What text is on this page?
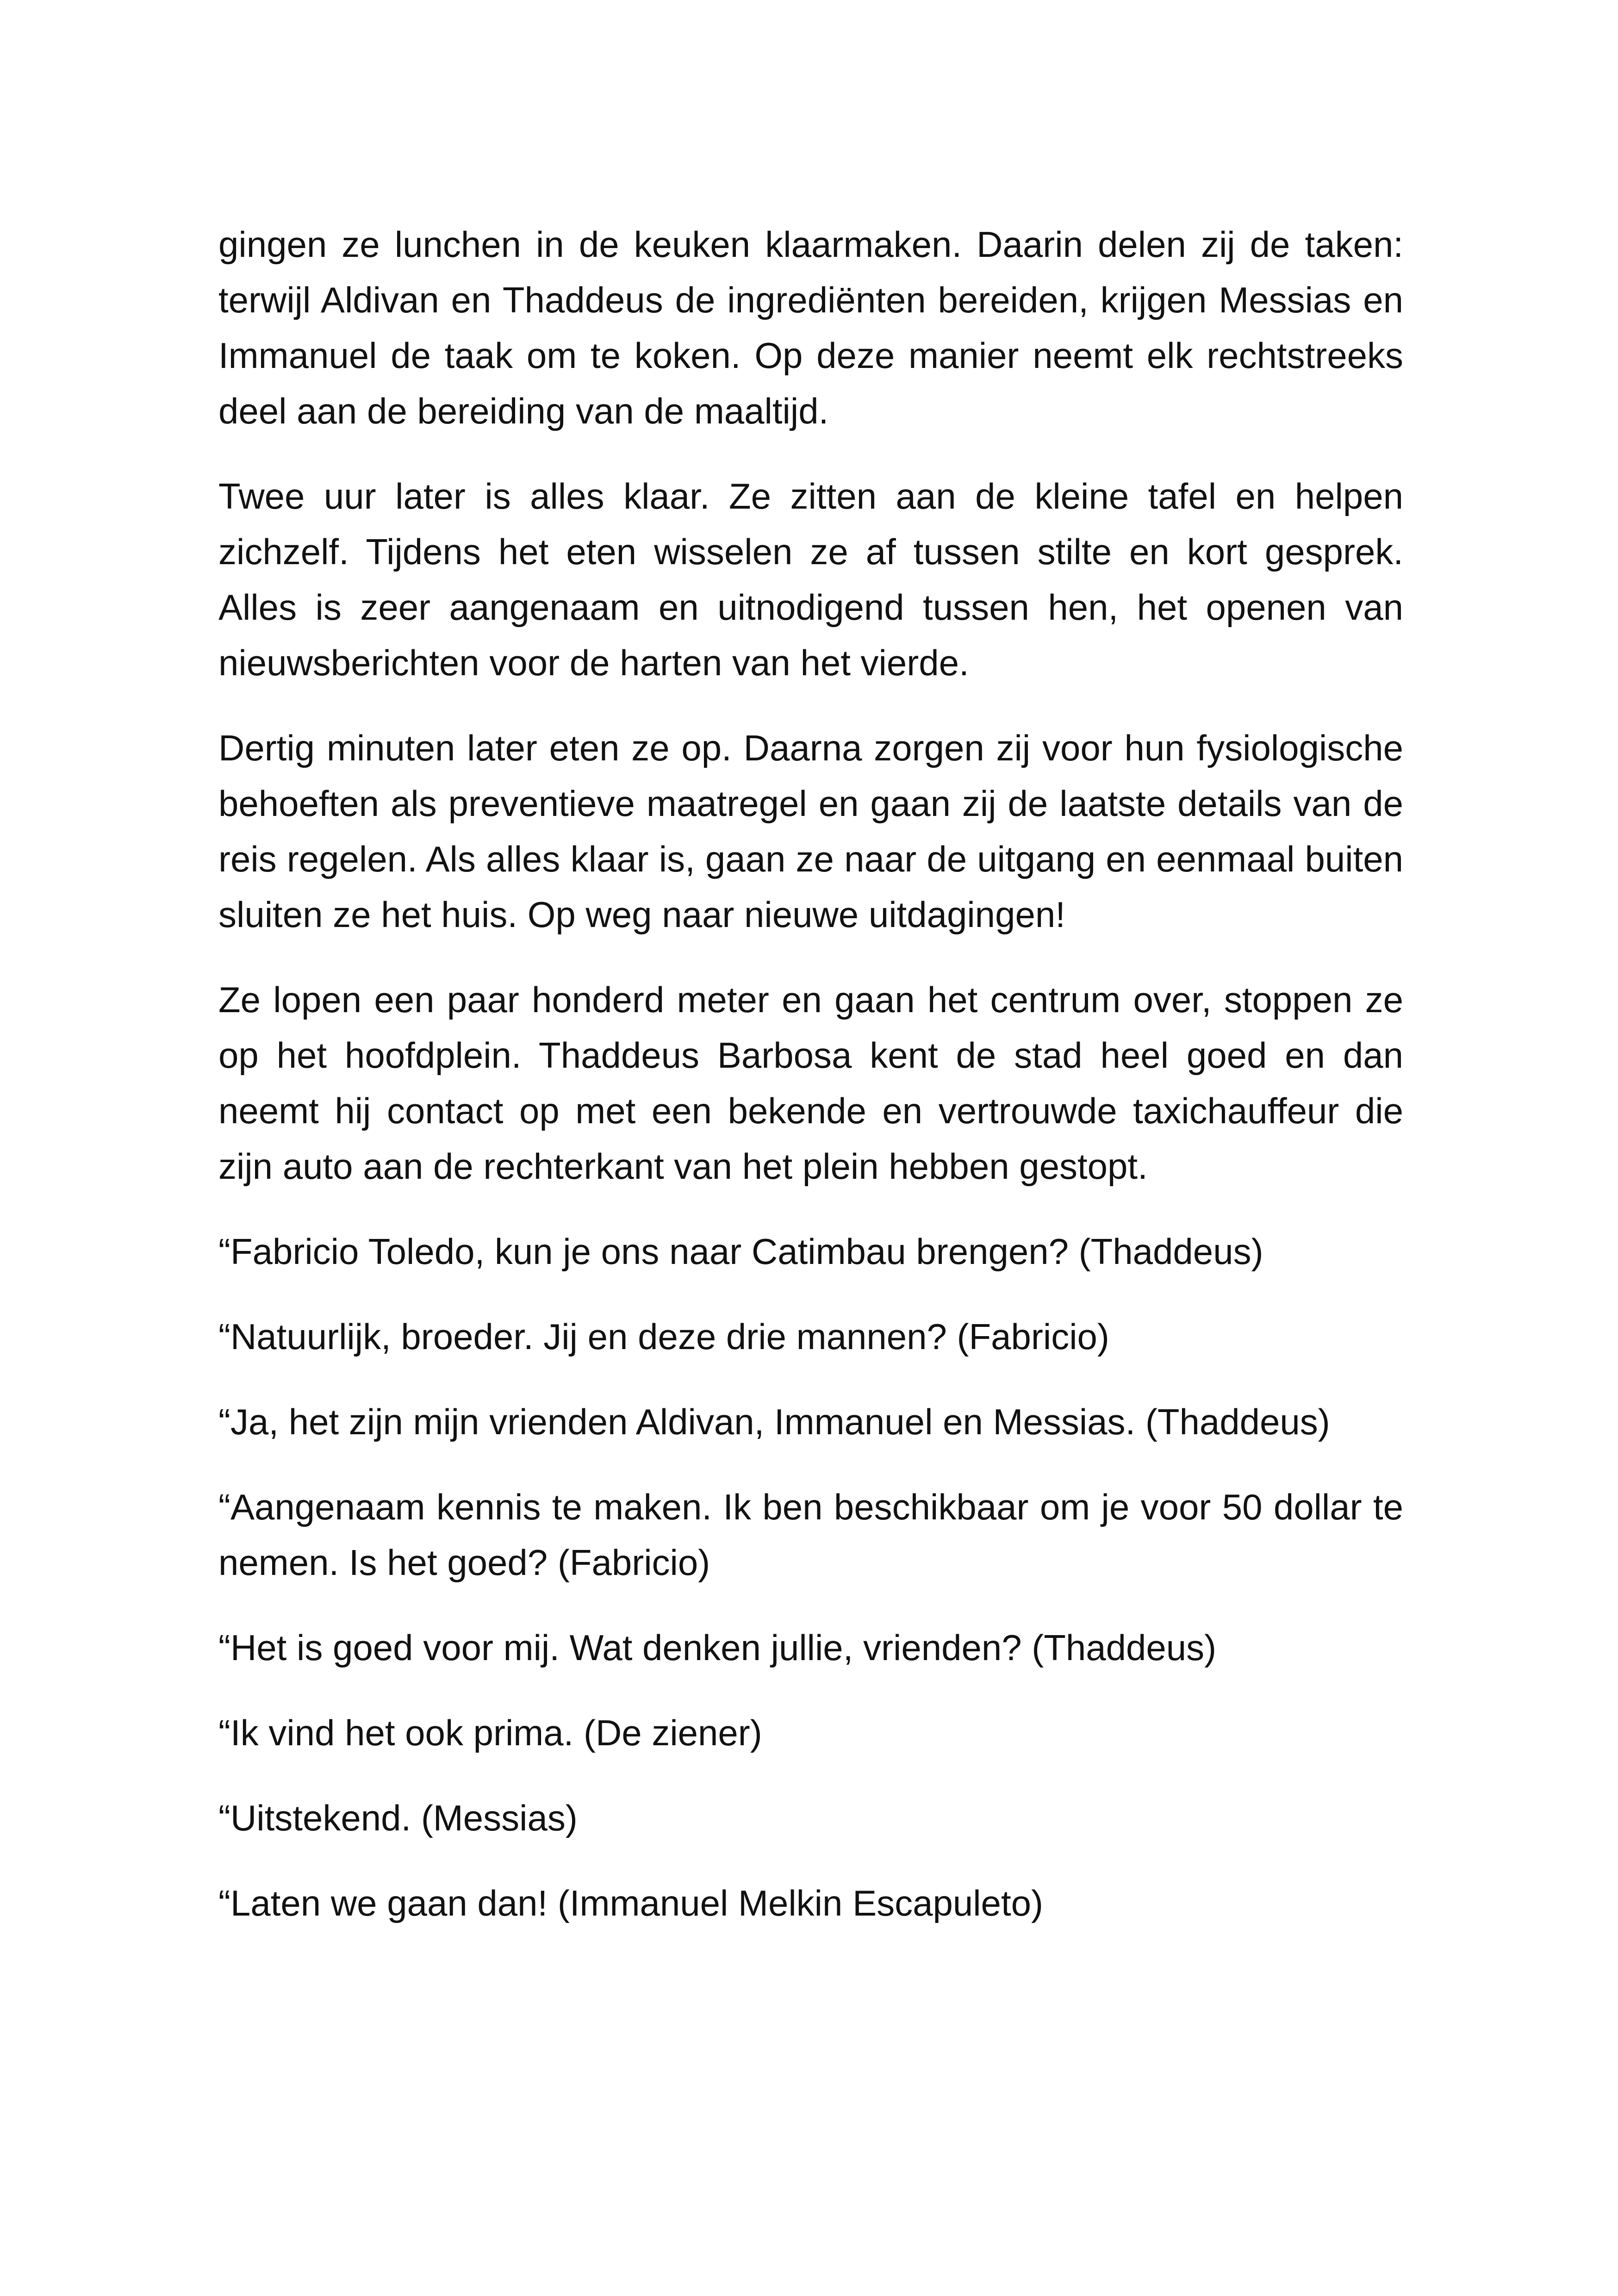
gingen ze lunchen in de keuken klaarmaken. Daarin delen zij de taken: terwijl Aldivan en Thaddeus de ingrediënten bereiden, krijgen Messias en Immanuel de taak om te koken. Op deze manier neemt elk rechtstreeks deel aan de bereiding van de maaltijd.

Twee uur later is alles klaar. Ze zitten aan de kleine tafel en helpen zichzelf. Tijdens het eten wisselen ze af tussen stilte en kort gesprek. Alles is zeer aangenaam en uitnodigend tussen hen, het openen van nieuwsberichten voor de harten van het vierde.

Dertig minuten later eten ze op. Daarna zorgen zij voor hun fysiologische behoeften als preventieve maatregel en gaan zij de laatste details van de reis regelen. Als alles klaar is, gaan ze naar de uitgang en eenmaal buiten sluiten ze het huis. Op weg naar nieuwe uitdagingen!

Ze lopen een paar honderd meter en gaan het centrum over, stoppen ze op het hoofdplein. Thaddeus Barbosa kent de stad heel goed en dan neemt hij contact op met een bekende en vertrouwde taxichauffeur die zijn auto aan de rechterkant van het plein hebben gestopt.

“Fabricio Toledo, kun je ons naar Catimbau brengen? (Thaddeus)

“Natuurlijk, broeder. Jij en deze drie mannen? (Fabricio)

“Ja, het zijn mijn vrienden Aldivan, Immanuel en Messias. (Thaddeus)

“Aangenaam kennis te maken. Ik ben beschikbaar om je voor 50 dollar te nemen. Is het goed? (Fabricio)

“Het is goed voor mij. Wat denken jullie, vrienden? (Thaddeus)

“Ik vind het ook prima. (De ziener)

“Uitstekend. (Messias)

“Laten we gaan dan! (Immanuel Melkin Escapuleto)
